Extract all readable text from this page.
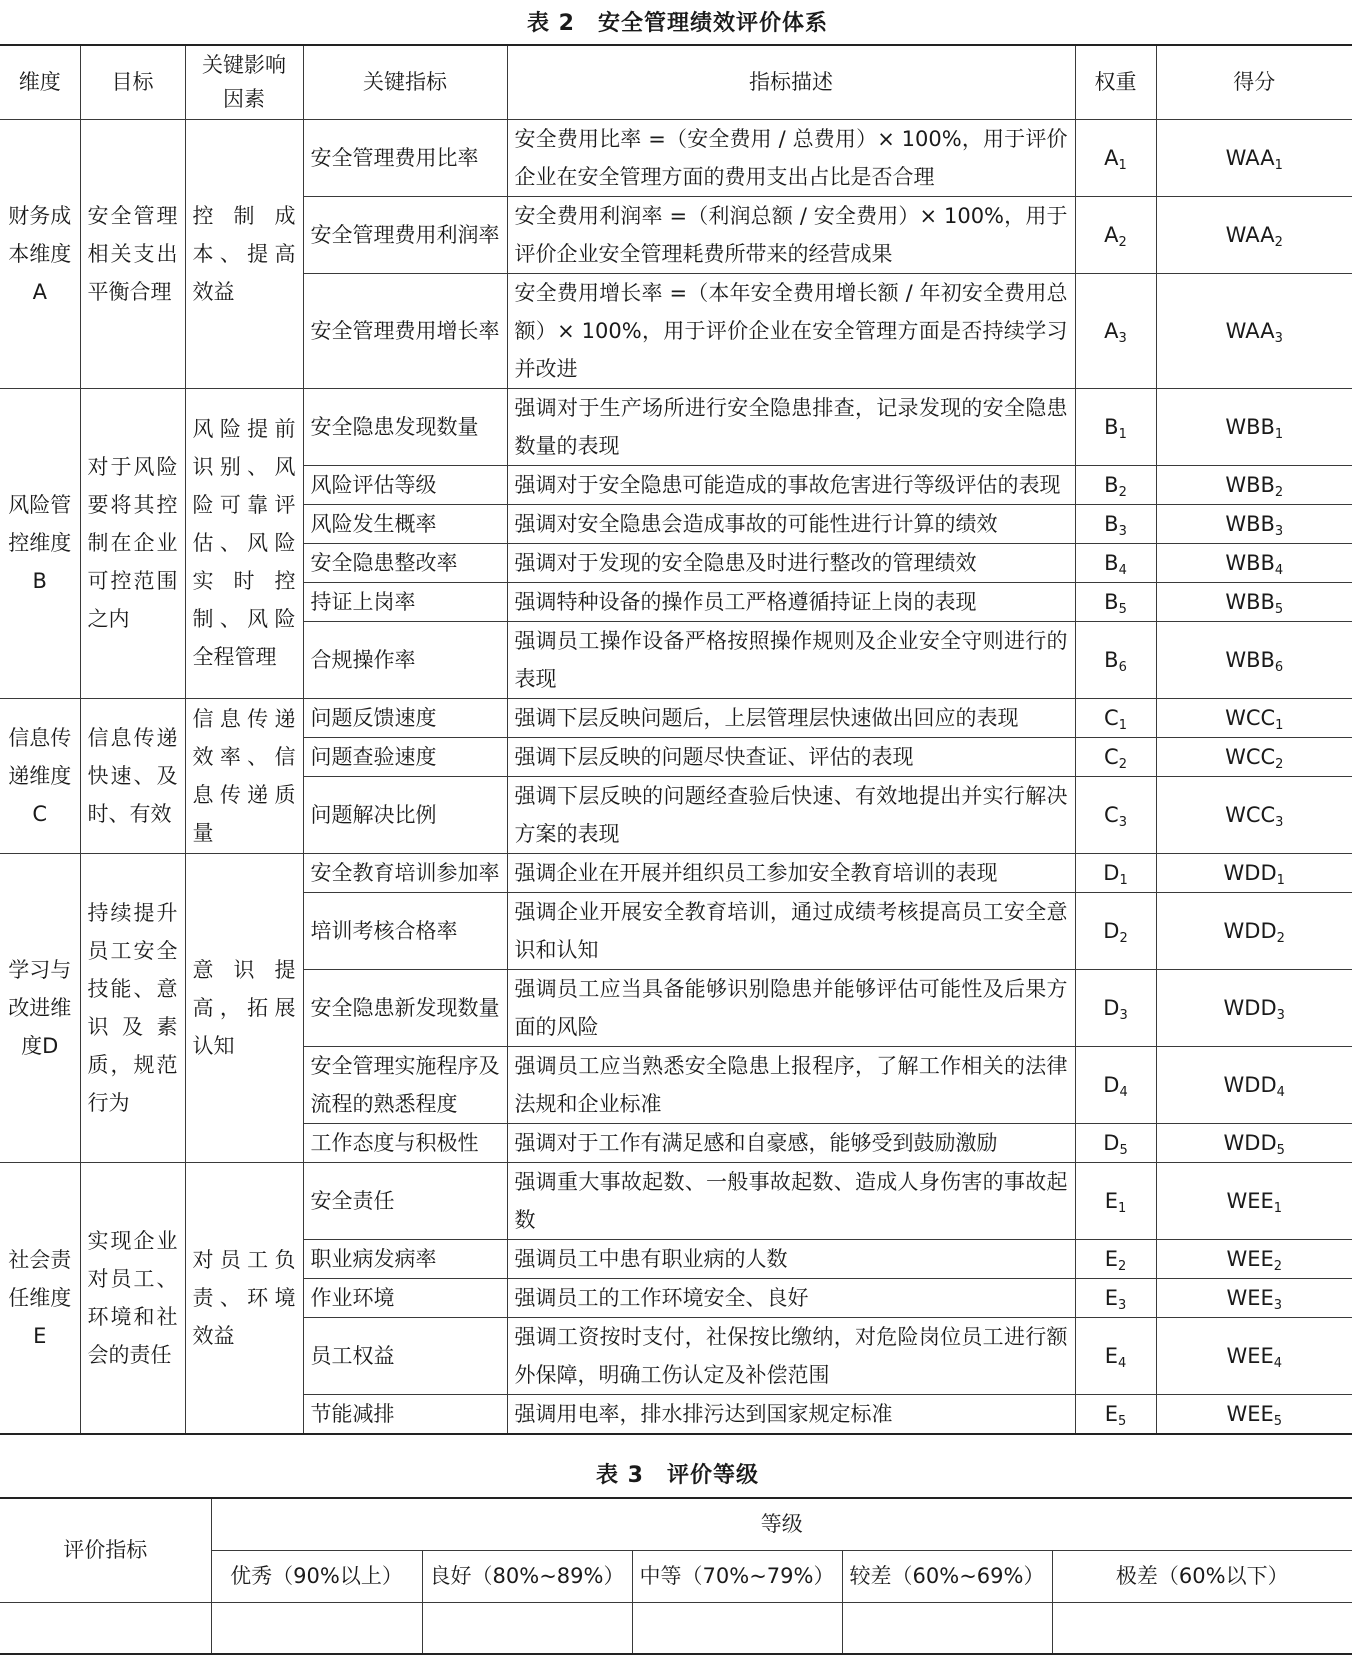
表 2　安全管理绩效评价体系
维度	目标	关键影响因素	关键指标	指标描述	权重	得分
财务成本维度A	安全管理相关支出平衡合理	控制成本、提高效益	安全管理费用比率	安全费用比率 =（安全费用 / 总费用）× 100%，用于评价企业在安全管理方面的费用支出占比是否合理	$A_1$	$WAA_1$
			安全管理费用利润率	安全费用利润率 =（利润总额 / 安全费用）× 100%，用于评价企业安全管理耗费所带来的经营成果	$A_2$	$WAA_2$
			安全管理费用增长率	安全费用增长率 =（本年安全费用增长额 / 年初安全费用总额）× 100%，用于评价企业在安全管理方面是否持续学习并改进	$A_3$	$WAA_3$
风险管控维度B	对于风险要将其控制在企业可控范围之内	风险提前识别、风险可靠评估、风险实时控制、风险全程管理	安全隐患发现数量	强调对于生产场所进行安全隐患排查，记录发现的安全隐患数量的表现	$B_1$	$WBB_1$
			风险评估等级	强调对于安全隐患可能造成的事故危害进行等级评估的表现	$B_2$	$WBB_2$
			风险发生概率	强调对安全隐患会造成事故的可能性进行计算的绩效	$B_3$	$WBB_3$
			安全隐患整改率	强调对于发现的安全隐患及时进行整改的管理绩效	$B_4$	$WBB_4$
			持证上岗率	强调特种设备的操作员工严格遵循持证上岗的表现	$B_5$	$WBB_5$
			合规操作率	强调员工操作设备严格按照操作规则及企业安全守则进行的表现	$B_6$	$WBB_6$
信息传递维度C	信息传递快速、及时、有效	信息传递效率、信息传递质量	问题反馈速度	强调下层反映问题后，上层管理层快速做出回应的表现	$C_1$	$WCC_1$
			问题查验速度	强调下层反映的问题尽快查证、评估的表现	$C_2$	$WCC_2$
			问题解决比例	强调下层反映的问题经查验后快速、有效地提出并实行解决方案的表现	$C_3$	$WCC_3$
学习与改进维度D	持续提升员工安全技能、意识及素质，规范行为	意识提高，拓展认知	安全教育培训参加率	强调企业在开展并组织员工参加安全教育培训的表现	$D_1$	$WDD_1$
			培训考核合格率	强调企业开展安全教育培训，通过成绩考核提高员工安全意识和认知	$D_2$	$WDD_2$
			安全隐患新发现数量	强调员工应当具备能够识别隐患并能够评估可能性及后果方面的风险	$D_3$	$WDD_3$
			安全管理实施程序及流程的熟悉程度	强调员工应当熟悉安全隐患上报程序，了解工作相关的法律法规和企业标准	$D_4$	$WDD_4$
			工作态度与积极性	强调对于工作有满足感和自豪感，能够受到鼓励激励	$D_5$	$WDD_5$
社会责任维度E	实现企业对员工、环境和社会的责任	对员工负责、环境效益	安全责任	强调重大事故起数、一般事故起数、造成人身伤害的事故起数	$E_1$	$WEE_1$
			职业病发病率	强调员工中患有职业病的人数	$E_2$	$WEE_2$
			作业环境	强调员工的工作环境安全、良好	$E_3$	$WEE_3$
			员工权益	强调工资按时支付，社保按比缴纳，对危险岗位员工进行额外保障，明确工伤认定及补偿范围	$E_4$	$WEE_4$
			节能减排	强调用电率，排水排污达到国家规定标准	$E_5$	$WEE_5$
表 3　评价等级
评价指标	等级				
	优秀（90%以上）	良好（80%~89%）	中等（70%~79%）	较差（60%~69%）	极差（60%以下）
